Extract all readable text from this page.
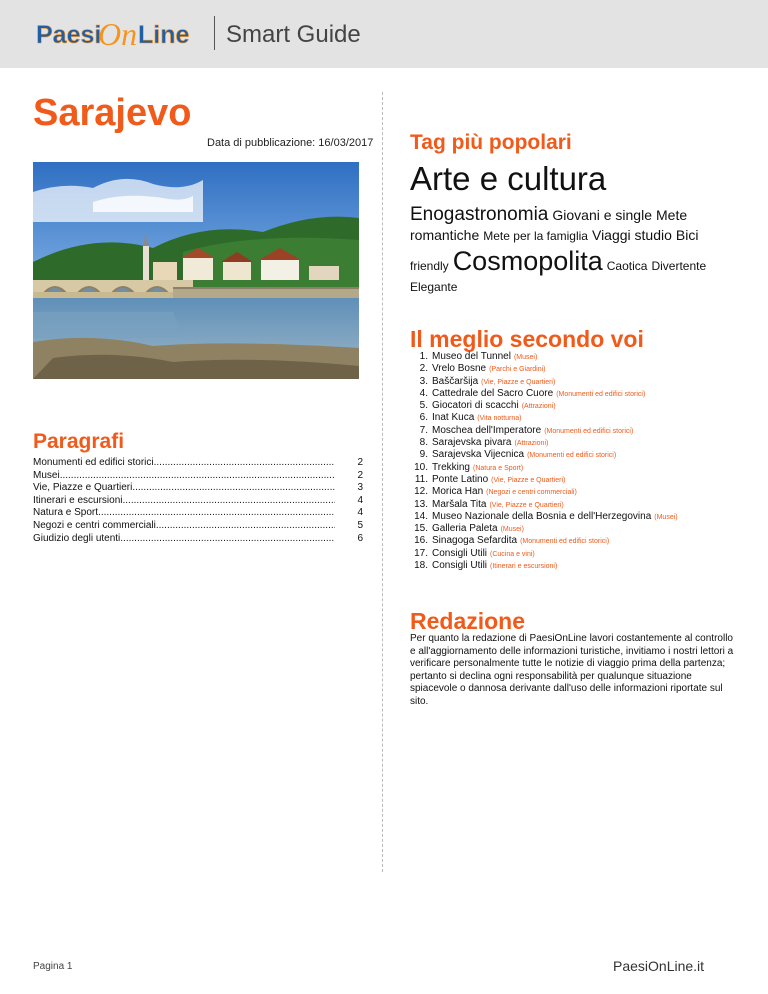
Paesi
On Line Smart Guide
Sarajevo
Data di pubblicazione: 16/03/2017
Paragrafi
Monumenti ed edifici storici .....	2
Musei .....	2
Vie, Piazze e Quartieri .....	3
Itinerari e escursioni .....	4
Natura e Sport .....	4
Negozi e centri commerciali .....	5
Giudizio degli utenti .....	6
Tag più popolari
Arte e cultura
Enogastronomia Giovani e single Mete
romantiche Mete per la famiglia Viaggi studio Bici
friendly Cosmopolita Caotica Divertente
Elegante
Il meglio secondo voi
1. Museo del Tunnel (Musei)
2. Vrelo Bosne (Parchi e Giardini)
3. Baščaršija (Vie, Piazze e Quartieri)
4. Cattedrale del Sacro Cuore (Monumenti ed edifici storici)
5. Giocatori di scacchi (Attrazioni)
6. Inat Kuca (Vita notturna)
7. Moschea dell'Imperatore (Monumenti ed edifici storici)
8. Sarajevska pivara (Attrazioni)
9. Sarajevska Vijecnica (Monumenti ed edifici storici)
10. Trekking (Natura e Sport)
11. Ponte Latino (Vie, Piazze e Quartieri)
12. Morica Han (Negozi e centri commerciali)
13. Maršala Tita (Vie, Piazze e Quartieri)
14. Museo Nazionale della Bosnia e dell'Herzegovina (Musei)
15. Galleria Paleta (Musei)
16. Sinagoga Sefardita (Monumenti ed edifici storici)
17. Consigli Utili (Cucina e vini)
18. Consigli Utili (Itinerari e escursioni)
Redazione

Per quanto la redazione di PaesiOnLine lavori costantemente al controllo e all'aggiornamento delle informazioni turistiche, invitiamo i nostri lettori a verificare personalmente tutte le notizie di viaggio prima della partenza; pertanto si declina ogni responsabilità per qualunque situazione spiacevole o dannosa derivante dall'uso delle informazioni riportate sul sito.

Pagina 1	PaesiOnLine.it
